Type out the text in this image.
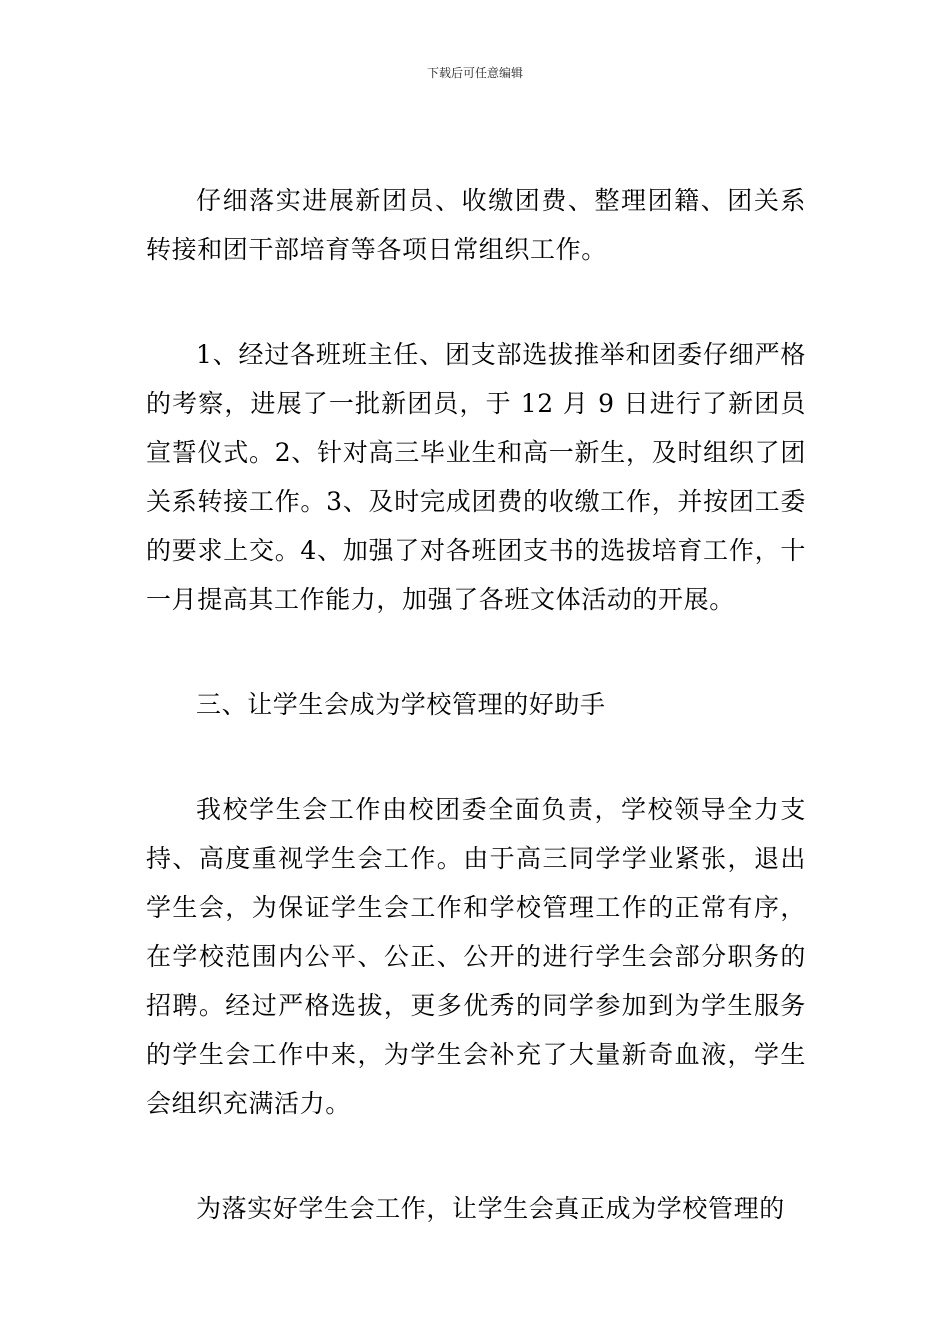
下载后可任意编辑

仔细落实进展新团员、收缴团费、整理团籍、团关系转接和团干部培育等各项日常组织工作。

1、经过各班班主任、团支部选拔推举和团委仔细严格的考察，进展了一批新团员，于 12 月 9 日进行了新团员宣誓仪式。2、针对高三毕业生和高一新生，及时组织了团关系转接工作。3、及时完成团费的收缴工作，并按团工委的要求上交。4、加强了对各班团支书的选拔培育工作，十一月提高其工作能力，加强了各班文体活动的开展。

三、让学生会成为学校管理的好助手

我校学生会工作由校团委全面负责，学校领导全力支持、高度重视学生会工作。由于高三同学学业紧张，退出学生会，为保证学生会工作和学校管理工作的正常有序，在学校范围内公平、公正、公开的进行学生会部分职务的招聘。经过严格选拔，更多优秀的同学参加到为学生服务的学生会工作中来，为学生会补充了大量新奇血液，学生会组织充满活力。

为落实好学生会工作，让学生会真正成为学校管理的
